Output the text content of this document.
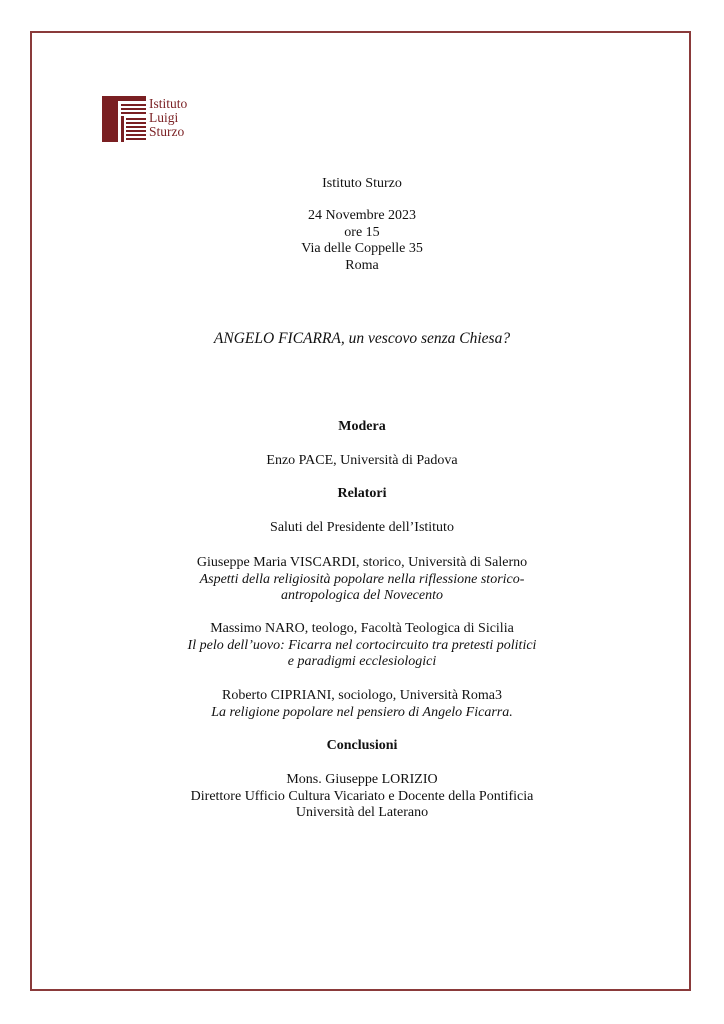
Istituto
Luigi
Sturzo
Istituto Sturzo
24 Novembre 2023
ore 15
Via delle Coppelle 35
Roma
ANGELO FICARRA, un vescovo senza Chiesa?
Modera
Enzo PACE, Università di Padova
Relatori
Saluti del Presidente dell’Istituto
Giuseppe Maria VISCARDI, storico, Università di Salerno
Aspetti della religiosità popolare nella riflessione storico-
antropologica del Novecento
Massimo NARO, teologo, Facoltà Teologica di Sicilia
Il pelo dell’uovo: Ficarra nel cortocircuito tra pretesti politici
e paradigmi ecclesiologici
Roberto CIPRIANI, sociologo, Università Roma3
La religione popolare nel pensiero di Angelo Ficarra.
Conclusioni
Mons. Giuseppe LORIZIO
Direttore Ufficio Cultura Vicariato e Docente della Pontificia
Università del Laterano
